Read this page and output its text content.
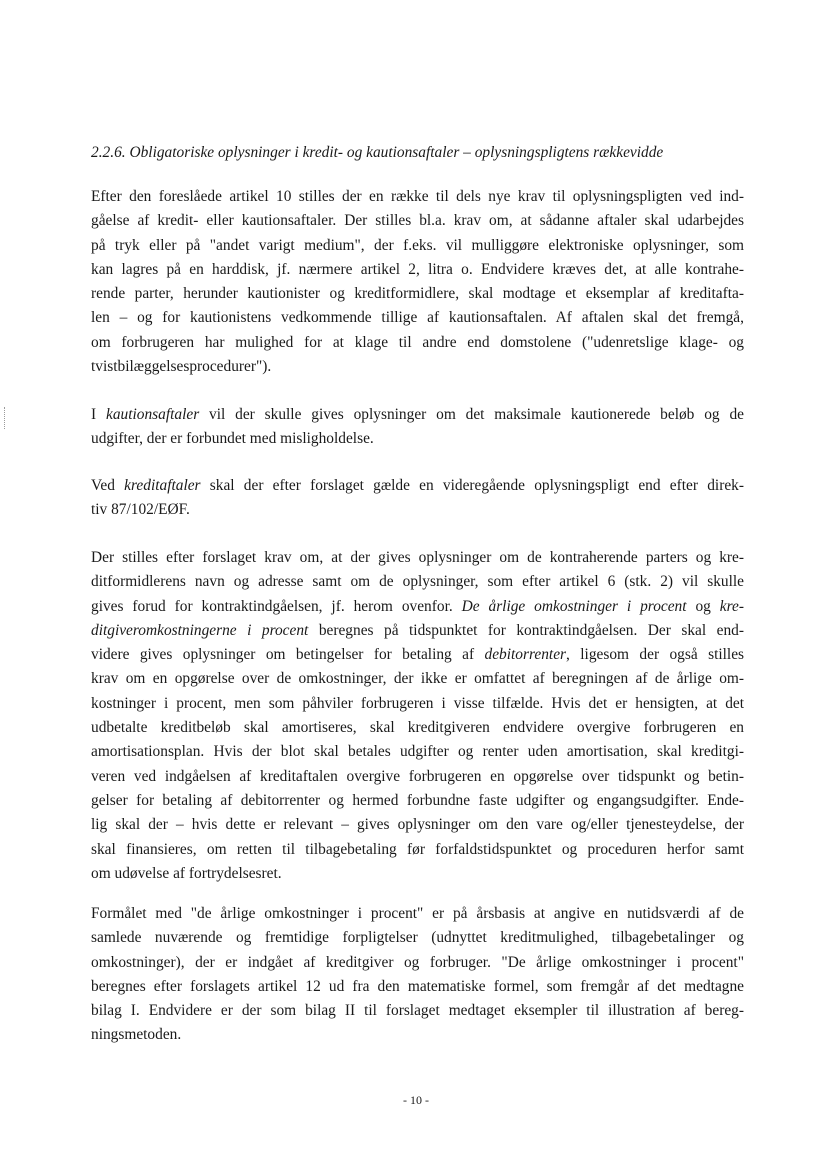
2.2.6. Obligatoriske oplysninger i kredit- og kautionsaftaler – oplysningspligtens rækkevidde
Efter den foreslåede artikel 10 stilles der en række til dels nye krav til oplysningspligten ved ind-
gåelse af kredit- eller kautionsaftaler. Der stilles bl.a. krav om, at sådanne aftaler skal udarbejdes
på tryk eller på "andet varigt medium", der f.eks. vil mulliggøre elektroniske oplysninger, som
kan lagres på en harddisk, jf. nærmere artikel 2, litra o. Endvidere kræves det, at alle kontrahe-
rende parter, herunder kautionister og kreditformidlere, skal modtage et eksemplar af kreditafta-
len – og for kautionistens vedkommende tillige af kautionsaftalen. Af aftalen skal det fremgå,
om forbrugeren har mulighed for at klage til andre end domstolene ("udenretslige klage- og
tvistbilæggelsesprocedurer").
I kautionsaftaler vil der skulle gives oplysninger om det maksimale kautionerede beløb og de
udgifter, der er forbundet med misligholdelse.
Ved kreditaftaler skal der efter forslaget gælde en videregående oplysningspligt end efter direk-
tiv 87/102/EØF.
Der stilles efter forslaget krav om, at der gives oplysninger om de kontraherende parters og kre-
ditformidlerens navn og adresse samt om de oplysninger, som efter artikel 6 (stk. 2) vil skulle
gives forud for kontraktindgåelsen, jf. herom ovenfor. De årlige omkostninger i procent og kre-
ditgiveromkostningerne i procent beregnes på tidspunktet for kontraktindgåelsen. Der skal end-
videre gives oplysninger om betingelser for betaling af debitorrenter, ligesom der også stilles
krav om en opgørelse over de omkostninger, der ikke er omfattet af beregningen af de årlige om-
kostninger i procent, men som påhviler forbrugeren i visse tilfælde. Hvis det er hensigten, at det
udbetalte kreditbeløb skal amortiseres, skal kreditgiveren endvidere overgive forbrugeren en
amortisationsplan. Hvis der blot skal betales udgifter og renter uden amortisation, skal kreditgi-
veren ved indgåelsen af kreditaftalen overgive forbrugeren en opgørelse over tidspunkt og betin-
gelser for betaling af debitorrenter og hermed forbundne faste udgifter og engangsudgifter. Ende-
lig skal der – hvis dette er relevant – gives oplysninger om den vare og/eller tjenesteydelse, der
skal finansieres, om retten til tilbagebetaling før forfaldstidspunktet og proceduren herfor samt
om udøvelse af fortrydelsesret.
Formålet med "de årlige omkostninger i procent" er på årsbasis at angive en nutidsværdi af de
samlede nuværende og fremtidige forpligtelser (udnyttet kreditmulighed, tilbagebetalinger og
omkostninger), der er indgået af kreditgiver og forbruger. "De årlige omkostninger i procent"
beregnes efter forslagets artikel 12 ud fra den matematiske formel, som fremgår af det medtagne
bilag I. Endvidere er der som bilag II til forslaget medtaget eksempler til illustration af bereg-
ningsmetoden.
- 10 -
